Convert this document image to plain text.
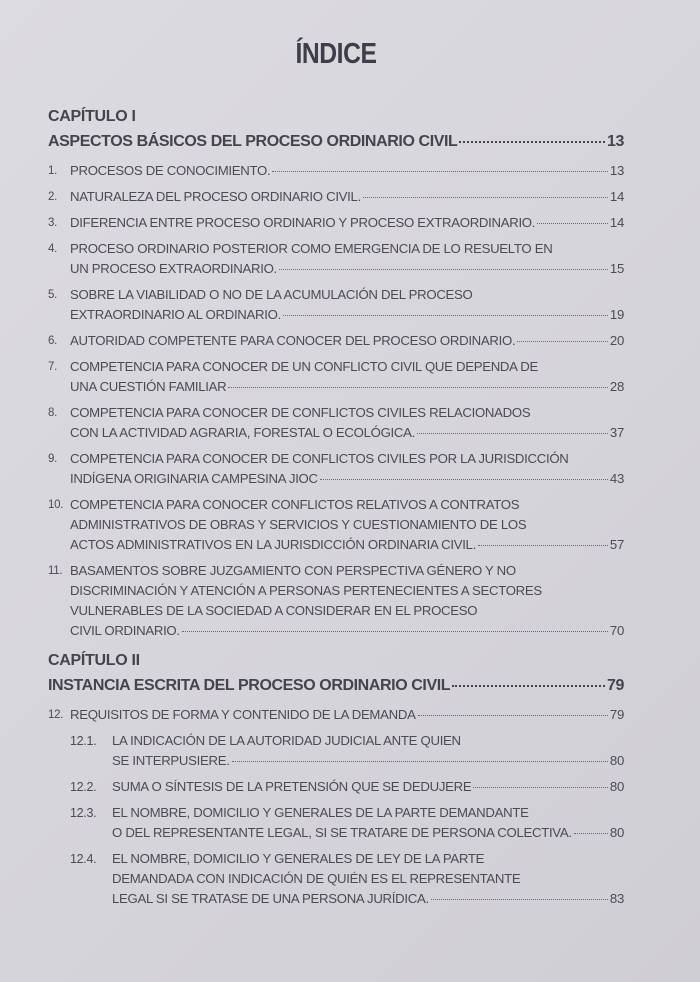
ÍNDICE
CAPÍTULO I
ASPECTOS BÁSICOS DEL PROCESO ORDINARIO CIVIL	13
1. PROCESOS DE CONOCIMIENTO.	13
2. NATURALEZA DEL PROCESO ORDINARIO CIVIL.	14
3. DIFERENCIA ENTRE PROCESO ORDINARIO Y PROCESO EXTRAORDINARIO.	14
4. PROCESO ORDINARIO POSTERIOR COMO EMERGENCIA DE LO RESUELTO EN
UN PROCESO EXTRAORDINARIO.	15
5. SOBRE LA VIABILIDAD O NO DE LA ACUMULACIÓN DEL PROCESO
EXTRAORDINARIO AL ORDINARIO.	19
6. AUTORIDAD COMPETENTE PARA CONOCER DEL PROCESO ORDINARIO.	20
7. COMPETENCIA PARA CONOCER DE UN CONFLICTO CIVIL QUE DEPENDA DE
UNA CUESTIÓN FAMILIAR	28
8. COMPETENCIA PARA CONOCER DE CONFLICTOS CIVILES RELACIONADOS
CON LA ACTIVIDAD AGRARIA, FORESTAL O ECOLÓGICA.	37
9. COMPETENCIA PARA CONOCER DE CONFLICTOS CIVILES POR LA JURISDICCIÓN
INDÍGENA ORIGINARIA CAMPESINA JIOC	43
10. COMPETENCIA PARA CONOCER CONFLICTOS RELATIVOS A CONTRATOS
ADMINISTRATIVOS DE OBRAS Y SERVICIOS Y CUESTIONAMIENTO DE LOS
ACTOS ADMINISTRATIVOS EN LA JURISDICCIÓN ORDINARIA CIVIL.	57
11. BASAMENTOS SOBRE JUZGAMIENTO CON PERSPECTIVA GÉNERO Y NO
DISCRIMINACIÓN Y ATENCIÓN A PERSONAS PERTENECIENTES A SECTORES
VULNERABLES DE LA SOCIEDAD A CONSIDERAR EN EL PROCESO
CIVIL ORDINARIO.	70
CAPÍTULO II
INSTANCIA ESCRITA DEL PROCESO ORDINARIO CIVIL	79
12. REQUISITOS DE FORMA Y CONTENIDO DE LA DEMANDA	79
12.1.	LA INDICACIÓN DE LA AUTORIDAD JUDICIAL ANTE QUIEN
SE INTERPUSIERE.	80
12.2.	SUMA O SÍNTESIS DE LA PRETENSIÓN QUE SE DEDUJERE	80
12.3.	EL NOMBRE, DOMICILIO Y GENERALES DE LA PARTE DEMANDANTE
O DEL REPRESENTANTE LEGAL, SI SE TRATARE DE PERSONA COLECTIVA.	80
12.4.	EL NOMBRE, DOMICILIO Y GENERALES DE LEY DE LA PARTE
DEMANDADA CON INDICACIÓN DE QUIÉN ES EL REPRESENTANTE
LEGAL SI SE TRATASE DE UNA PERSONA JURÍDICA.	83
